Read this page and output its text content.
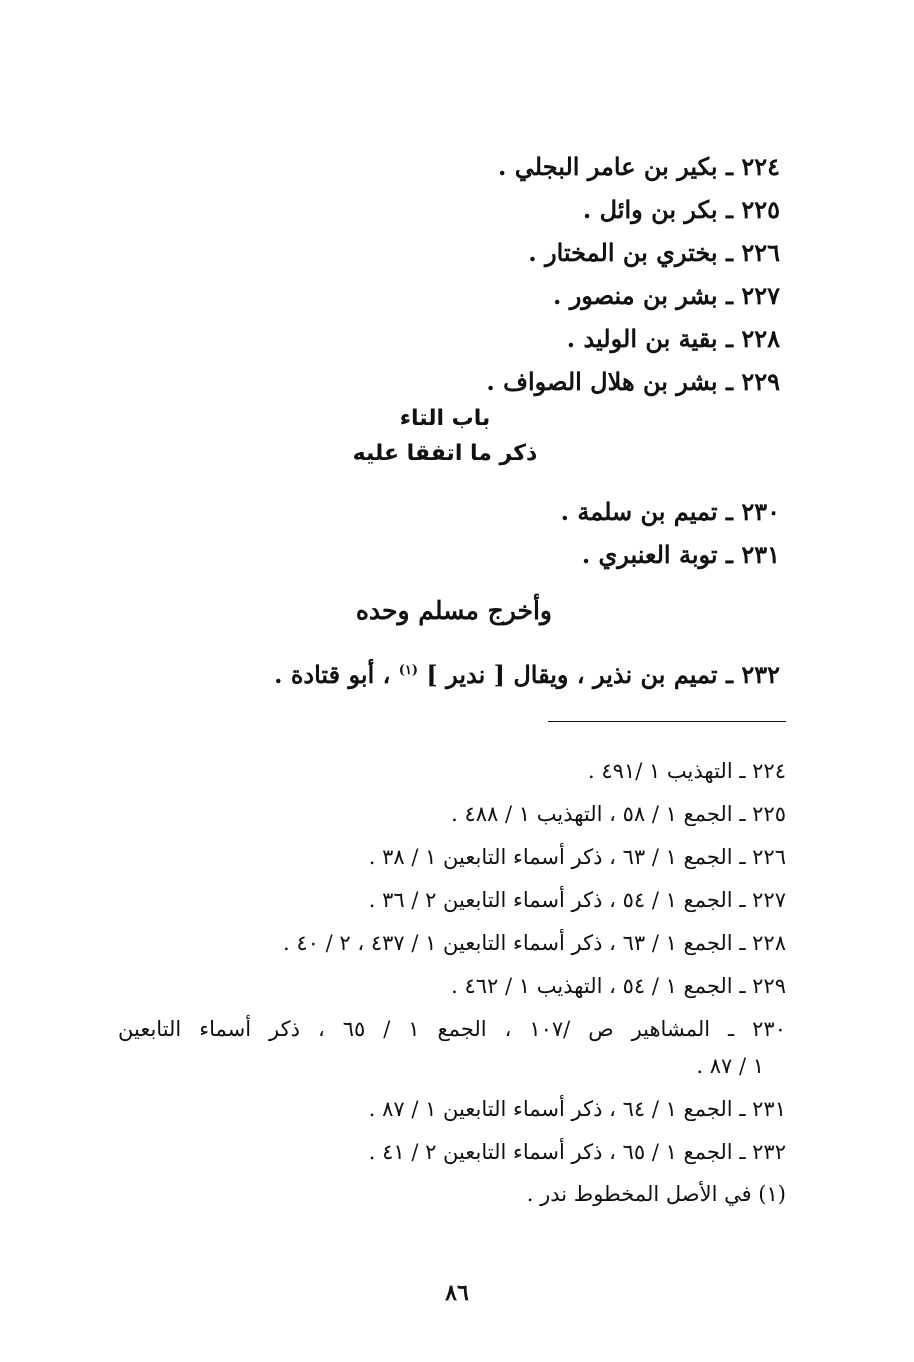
٢٢٤ ـ بكير بن عامر البجلي .
٢٢٥ ـ بكر بن وائل .
٢٢٦ ـ بختري بن المختار .
٢٢٧ ـ بشر بن منصور .
٢٢٨ ـ بقية بن الوليد .
٢٢٩ ـ بشر بن هلال الصواف .
باب التاء
ذكر ما اتفقا عليه
٢٣٠ ـ تميم بن سلمة .
٢٣١ ـ توبة العنبري .
وأخرج مسلم وحده
٢٣٢ ـ تميم بن نذير ، ويقال [ ندير ] $^{(١)}$ ، أبو قتادة .
٢٢٤ ـ التهذيب ١ /٤٩١ .
٢٢٥ ـ الجمع ١ / ٥٨ ، التهذيب ١ / ٤٨٨ .
٢٢٦ ـ الجمع ١ / ٦٣ ، ذكر أسماء التابعين ١ / ٣٨ .
٢٢٧ ـ الجمع ١ / ٥٤ ، ذكر أسماء التابعين ٢ / ٣٦ .
٢٢٨ ـ الجمع ١ / ٦٣ ، ذكر أسماء التابعين ١ / ٤٣٧ ، ٢ / ٤٠ .
٢٢٩ ـ الجمع ١ / ٥٤ ، التهذيب ١ / ٤٦٢ .
٢٣٠ ـ المشاهير ص /١٠٧ ، الجمع ١ / ٦٥ ، ذكر أسماء التابعين
١ / ٨٧ .
٢٣١ ـ الجمع ١ / ٦٤ ، ذكر أسماء التابعين ١ / ٨٧ .
٢٣٢ ـ الجمع ١ / ٦٥ ، ذكر أسماء التابعين ٢ / ٤١ .
(١) في الأصل المخطوط ندر .
٨٦
